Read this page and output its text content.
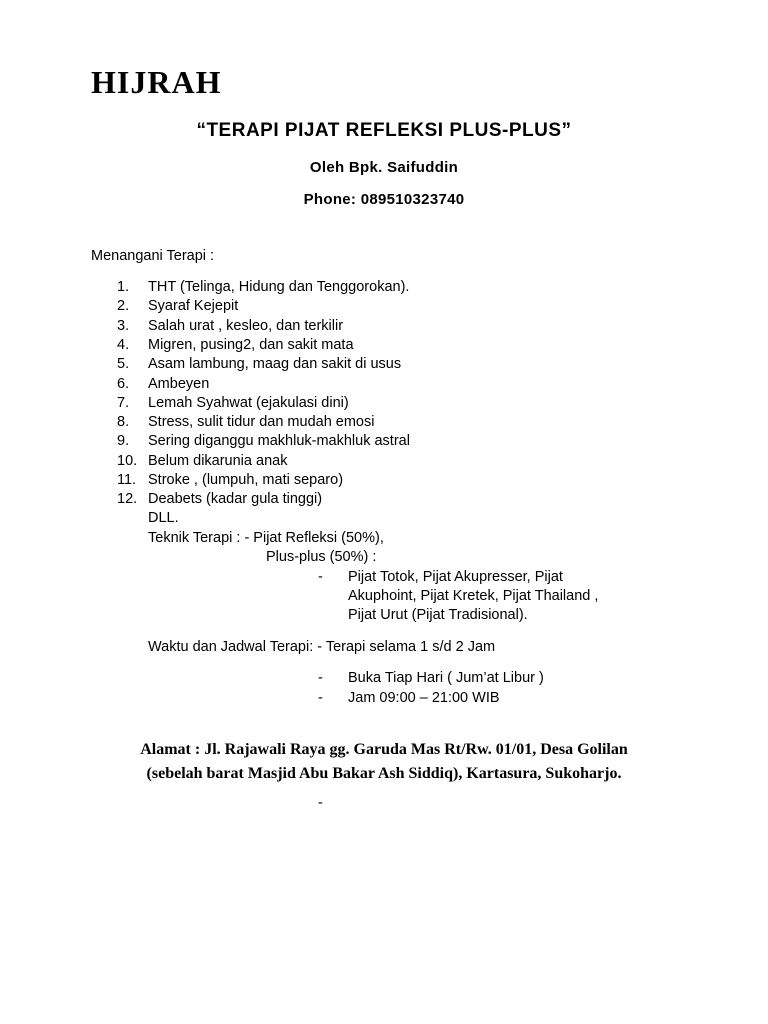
HIJRAH
“TERAPI PIJAT REFLEKSI PLUS-PLUS”
Oleh Bpk. Saifuddin
Phone: 089510323740
Menangani Terapi :
1.	THT (Telinga, Hidung dan Tenggorokan).
2.	Syaraf Kejepit
3.	Salah urat , kesleo, dan terkilir
4.	Migren, pusing2, dan sakit mata
5.	Asam lambung, maag dan sakit di usus
6.	Ambeyen
7.	Lemah Syahwat (ejakulasi dini)
8.	Stress, sulit tidur dan mudah emosi
9.	Sering diganggu makhluk-makhluk astral
10. Belum dikarunia anak
11. Stroke , (lumpuh, mati separo)
12. Deabets (kadar gula tinggi)
DLL.
Teknik Terapi : - Pijat Refleksi (50%),
Plus-plus (50%) :
- Pijat Totok, Pijat Akupresser, Pijat
Akuphoint, Pijat Kretek, Pijat Thailand ,
Pijat Urut (Pijat Tradisional).
Waktu dan Jadwal Terapi: - Terapi selama 1 s/d 2 Jam
- Buka Tiap Hari ( Jum’at Libur )
- Jam 09:00 – 21:00 WIB
Alamat : Jl. Rajawali Raya gg. Garuda Mas Rt/Rw. 01/01, Desa Golilan
(sebelah barat Masjid Abu Bakar Ash Siddiq), Kartasura, Sukoharjo.
-
